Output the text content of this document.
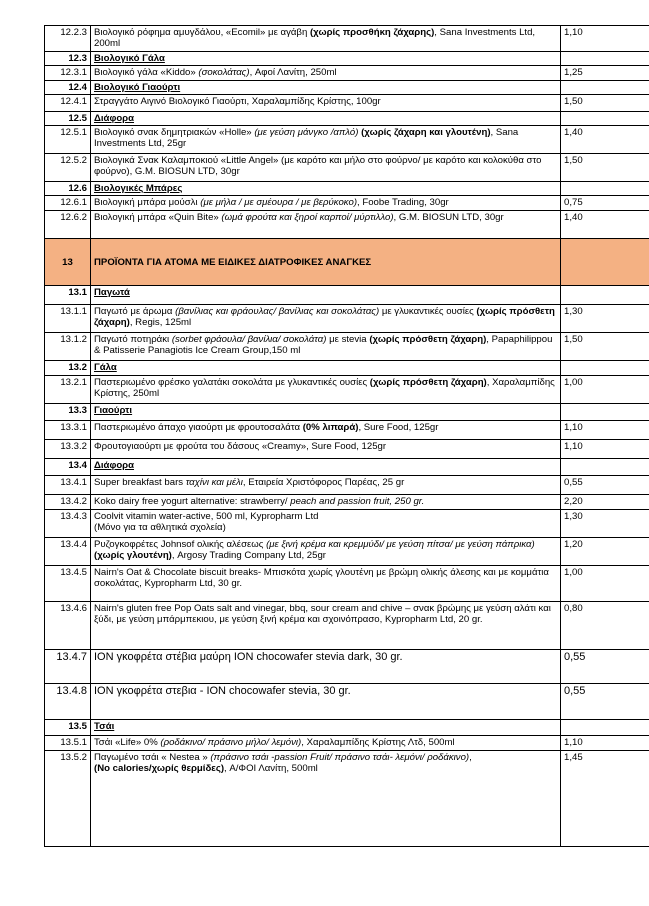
12.2.3	Βιολογικό ρόφημα αμυγδάλου, «Ecomil» με αγάβη (χωρίς προσθήκη ζάχαρης), Sana Investments Ltd, 200ml	1,10
12.3	Βιολογικό Γάλα	
12.3.1	Βιολογικό γάλα «Kiddo» (σοκολάτας), Αφοί Λανίτη, 250ml	1,25
12.4	Βιολογικό Γιαούρτι	
12.4.1	Στραγγάτο Αιγινό Βιολογικό Γιαούρτι, Χαραλαμπίδης Κρίστης, 100gr	1,50
12.5	Διάφορα	
12.5.1	Βιολογικό σνακ δημητριακών «Holle» (με γεύση μάνγκο /απλό) (χωρίς ζάχαρη και γλουτένη), Sana Investments Ltd, 25gr	1,40
12.5.2	Βιολογικά Σνακ Καλαμποκιού «Little Angel» (με καρότο και μήλο στο φούρνο/ με καρότο και κολοκύθα στο φούρνο), G.M. BIOSUN LTD, 30gr	1,50
12.6	Βιολογικές Μπάρες	
12.6.1	Βιολογική μπάρα μούσλι (με μήλα / με σμέουρα / με βερύκοκο), Foobe Trading, 30gr	0,75
12.6.2	Βιολογική μπάρα «Quin Bite» (ωμά φρούτα και ξηροί καρποί/ μύρτιλλο), G.M. BIOSUN LTD, 30gr	1,40
13	ΠΡΟΪΟΝΤΑ ΓΙΑ ΑΤΟΜΑ ΜΕ ΕΙΔΙΚΕΣ ΔΙΑΤΡΟΦΙΚΕΣ ΑΝΑΓΚΕΣ	
13.1	Παγωτά	
13.1.1	Παγωτό με άρωμα (βανίλιας και φράουλας/ βανίλιας και σοκολάτας) με γλυκαντικές ουσίες (χωρίς πρόσθετη ζάχαρη), Regis, 125ml	1,30
13.1.2	Παγωτό ποτηράκι (sorbet φράουλα/ βανίλια/ σοκολάτα) με stevia (χωρίς πρόσθετη ζάχαρη), Papaphilippou & Patisserie Panagiotis Ice Cream Group,150 ml	1,50
13.2	Γάλα	
13.2.1	Παστεριωμένο φρέσκο γαλατάκι σοκολάτα με γλυκαντικές ουσίες (χωρίς πρόσθετη ζάχαρη), Χαραλαμπίδης Κρίστης, 250ml	1,00
13.3	Γιαούρτι	
13.3.1	Παστεριωμένο άπαχο γιαούρτι με φρουτοσαλάτα (0% λιπαρά), Sure Food, 125gr	1,10
13.3.2	Φρουτογιαούρτι με φρούτα του δάσους «Creamy», Sure Food, 125gr	1,10
13.4	Διάφορα	
13.4.1	Super breakfast bars ταχίνι και μέλι, Εταιρεία Χριστόφορος Παρέας, 25 gr	0,55
13.4.2	Koko dairy free yogurt alternative: strawberry/ peach and passion fruit, 250 gr.	2,20
13.4.3	Coolvit vitamin water-active, 500 ml, Kypropharm Ltd
(Μόνο για τα αθλητικά σχολεία)	1,30
13.4.4	Ρυζογκοφρέτες Johnsof ολικής αλέσεως (με ξινή κρέμα και κρεμμύδι/ με γεύση πίτσα/ με γεύση πάπρικα) (χωρίς γλουτένη), Argosy Trading Company Ltd, 25gr	1,20
13.4.5	Nairn's Oat & Chocolate biscuit breaks- Μπισκότα χωρίς γλουτένη με βρώμη ολικής άλεσης και με κομμάτια σοκολάτας, Kypropharm Ltd, 30 gr.	1,00
13.4.6	Nairn's gluten free Pop Oats salt and vinegar, bbq, sour cream and chive – σνακ βρώμης με γεύση αλάτι και ξύδι, με γεύση μπάρμπεκιου, με γεύση ξινή κρέμα και σχοινόπρασο, Kypropharm Ltd, 20 gr.	0,80
13.4.7	ION γκοφρέτα στέβια μαύρη ION chocowafer stevia dark, 30 gr.	0,55
13.4.8	ION γκοφρέτα στεβια - ION chocowafer stevia, 30 gr.	0,55
13.5	Τσάι	
13.5.1	Τσάι «Life» 0% (ροδάκινο/ πράσινο μήλο/ λεμόνι), Χαραλαμπίδης Κρίστης Λτδ, 500ml	1,10
13.5.2	Παγωμένο τσάι « Nestea » (πράσινο τσάι -passion Fruit/ πράσινο τσάι- λεμόνι/ ροδάκινο),
(No calories/χωρίς θερμίδες), Α/ΦΟΙ Λανίτη, 500ml	1,45
